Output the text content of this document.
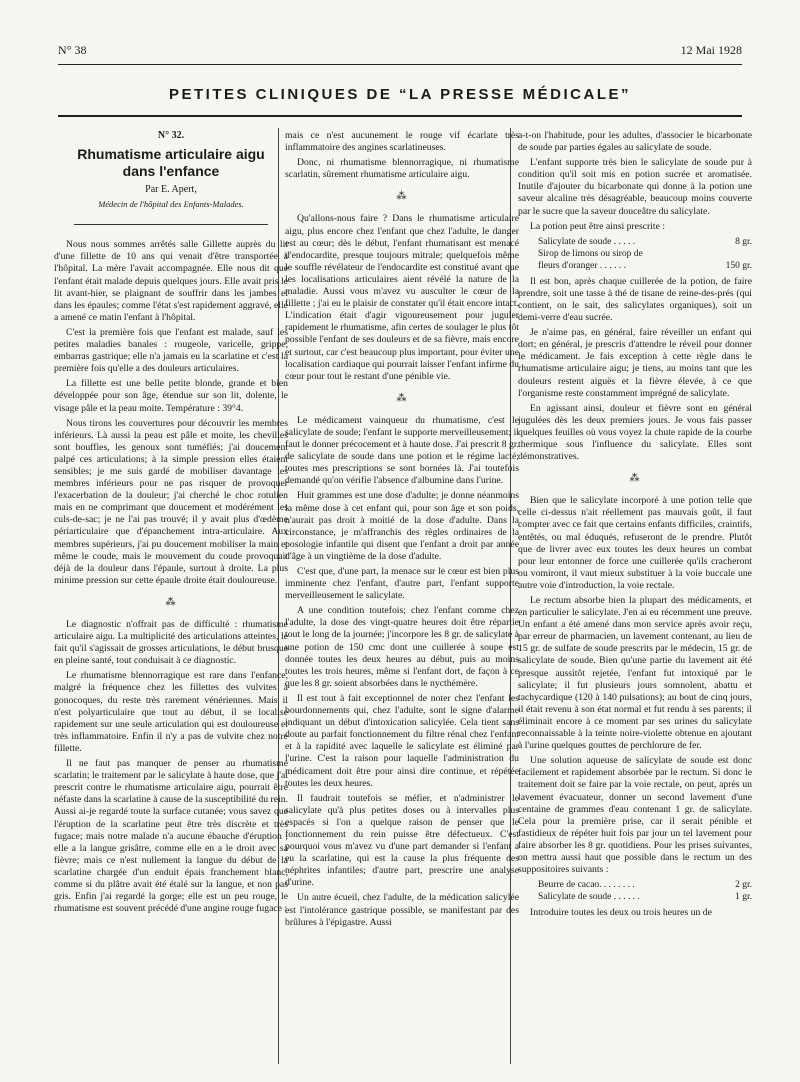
N° 38	12 Mai 1928
PETITES CLINIQUES DE “LA PRESSE MÉDICALE”
N° 32.
Rhumatisme articulaire aigu
dans l'enfance
Par E. Apert,
Médecin de l'hôpital des Enfants-Malades.

Nous nous sommes arrêtés salle Gillette auprès du lit d'une fillette de 10 ans qui venait d'être transportée à l'hôpital. La mère l'avait accompagnée. Elle nous dit que l'enfant était malade depuis quelques jours. Elle avait pris le lit avant-hier, se plaignant de souffrir dans les jambes et dans les épaules; comme l'état s'est rapidement aggravé, elle a amené ce matin l'enfant à l'hôpital.

C'est la première fois que l'enfant est malade, sauf les petites maladies banales : rougeole, varicelle, grippe, embarras gastrique; elle n'a jamais eu la scarlatine et c'est la première fois qu'elle a des douleurs articulaires.

La fillette est une belle petite blonde, grande et bien développée pour son âge, étendue sur son lit, dolente, le visage pâle et la peau moite. Température : 39°4.

Nous tirons les couvertures pour découvrir les membres inférieurs. Là aussi la peau est pâle et moite, les chevilles sont bouffies, les genoux sont tuméfiés; j'ai doucement palpé ces articulations; à la simple pression elles étaient sensibles; je me suis gardé de mobiliser davantage les membres inférieurs pour ne pas risquer de provoquer l'exacerbation de la douleur; j'ai cherché le choc rotulien mais en ne comprimant que doucement et modérément les culs-de-sac; je ne l'ai pas trouvé; il y avait plus d'œdème périarticulaire que d'épanchement intra-articulaire. Aux membres supérieurs, j'ai pu doucement mobiliser la main et même le coude, mais le mouvement du coude provoquait déjà de la douleur dans l'épaule, surtout à droite. La plus minime pression sur cette épaule droite était douloureuse.

⁂

Le diagnostic n'offrait pas de difficulté : rhumatisme articulaire aigu. La multiplicité des articulations atteintes, le fait qu'il s'agissait de grosses articulations, le début brusque en pleine santé, tout conduisait à ce diagnostic.

Le rhumatisme blennorragique est rare dans l'enfance, malgré la fréquence chez les fillettes des vulvites à gonocoques, du reste très rarement vénériennes. Mais il n'est polyarticulaire que tout au début, il se localise rapidement sur une seule articulation qui est douloureuse et très inflammatoire. Enfin il n'y a pas de vulvite chez notre fillette.

Il ne faut pas manquer de penser au rhumatisme scarlatin; le traitement par le salicylate à haute dose, que j'ai prescrit contre le rhumatisme articulaire aigu, pourrait être néfaste dans la scarlatine à cause de la susceptibilité du rein. Aussi ai-je regardé toute la surface cutanée; vous savez que l'éruption de la scarlatine peut être très discrète et très fugace; mais notre malade n'a aucune ébauche d'éruption ; elle a la langue grisâtre, comme elle en a le droit avec sa fièvre; mais ce n'est nullement la langue du début de la scarlatine chargée d'un enduit épais franchement blanc, comme si du plâtre avait été étalé sur la langue, et non pas gris. Enfin j'ai regardé la gorge; elle est un peu rouge, le rhumatisme est souvent précédé d'une angine rouge fugace ;

mais ce n'est aucunement le rouge vif écarlate très inflammatoire des angines scarlatineuses.

Donc, ni rhumatisme blennorragique, ni rhumatisme scarlatin, sûrement rhumatisme articulaire aigu.

⁂

Qu'allons-nous faire ? Dans le rhumatisme articulaire aigu, plus encore chez l'enfant que chez l'adulte, le danger est au cœur; dès le début, l'enfant rhumatisant est menacé d'endocardite, presque toujours mitrale; quelquefois même le souffle révélateur de l'endocardite est constitué avant que les localisations articulaires aient révélé la nature de la maladie. Aussi vous m'avez vu ausculter le cœur de la fillette ; j'ai eu le plaisir de constater qu'il était encore intact. L'indication était d'agir vigoureusement pour juguler rapidement le rhumatisme, afin certes de soulager le plus tôt possible l'enfant de ses douleurs et de sa fièvre, mais encore et surtout, car c'est beaucoup plus important, pour éviter une localisation cardiaque qui pourrait laisser l'enfant infirme du cœur pour tout le restant d'une pénible vie.

⁂

Le médicament vainqueur du rhumatisme, c'est le salicylate de soude; l'enfant le supporte merveilleusement; il faut le donner précocement et à haute dose. J'ai prescrit 8 gr. de salicylate de soude dans une potion et le régime lacté; toutes mes prescriptions se sont bornées là. J'ai toutefois demandé qu'on vérifie l'absence d'albumine dans l'urine.

Huit grammes est une dose d'adulte; je donne néanmoins la même dose à cet enfant qui, pour son âge et son poids, n'aurait pas droit à moitié de la dose d'adulte. Dans la circonstance, je m'affranchis des règles ordinaires de la posologie infantile qui disent que l'enfant a droit par année d'âge à un vingtième de la dose d'adulte.

C'est que, d'une part, la menace sur le cœur est bien plus imminente chez l'enfant, d'autre part, l'enfant supporte merveilleusement le salicylate.

A une condition toutefois; chez l'enfant comme chez l'adulte, la dose des vingt-quatre heures doit être répartie tout le long de la journée; j'incorpore les 8 gr. de salicylate à une potion de 150 cmc dont une cuillerée à soupe est donnée toutes les deux heures au début, puis au moins toutes les trois heures, même si l'enfant dort, de façon à ce que les 8 gr. soient absorbées dans le nycthémère.

Il est tout à fait exceptionnel de noter chez l'enfant les bourdonnements qui, chez l'adulte, sont le signe d'alarme indiquant un début d'intoxication salicylée. Cela tient sans doute au parfait fonctionnement du filtre rénal chez l'enfant et à la rapidité avec laquelle le salicylate est éliminé par l'urine. C'est la raison pour laquelle l'administration du médicament doit être pour ainsi dire continue, et répétée toutes les deux heures.

Il faudrait toutefois se méfier, et n'administrer le salicylate qu'à plus petites doses ou à intervalles plus espacés si l'on a quelque raison de penser que le fonctionnement du rein puisse être défectueux. C'est pourquoi vous m'avez vu d'une part demander si l'enfant a eu la scarlatine, qui est la cause la plus fréquente des néphrites infantiles; d'autre part, prescrire une analyse d'urine.

Un autre écueil, chez l'adulte, de la médication salicylée est l'intolérance gastrique possible, se manifestant par des brûlures à l'épigastre. Aussi

a-t-on l'habitude, pour les adultes, d'associer le bicarbonate de soude par parties égales au salicylate de soude.

L'enfant supporte très bien le salicylate de soude pur à condition qu'il soit mis en potion sucrée et aromatisée. Inutile d'ajouter du bicarbonate qui donne à la potion une saveur alcaline très désagréable, beaucoup moins couverte par le sucre que la saveur douceâtre du salicylate.

La potion peut être ainsi prescrite :

Salicylate de soude . . . . .	8 gr.
Sirop de limons ou sirop de
fleurs d'oranger . . . . . .	150 gr.

Il est bon, après chaque cuillerée de la potion, de faire prendre, soit une tasse à thé de tisane de reine-des-prés (qui contient, on le sait, des salicylates organiques), soit un demi-verre d'eau sucrée.

Je n'aime pas, en général, faire réveiller un enfant qui dort; en général, je prescris d'attendre le réveil pour donner le médicament. Je fais exception à cette règle dans le rhumatisme articulaire aigu; je tiens, au moins tant que les douleurs restent aiguës et la fièvre élevée, à ce que l'organisme reste constamment imprégné de salicylate.

En agissant ainsi, douleur et fièvre sont en général jugulées dès les deux premiers jours. Je vous fais passer quelques feuilles où vous voyez la chute rapide de la courbe thermique sous l'influence du salicylate. Elles sont démonstratives.

⁂

Bien que le salicylate incorporé à une potion telle que celle ci-dessus n'ait réellement pas mauvais goût, il faut compter avec ce fait que certains enfants difficiles, craintifs, entêtés, ou mal éduqués, refuseront de le prendre. Plutôt que de livrer avec eux toutes les deux heures un combat pour leur entonner de force une cuillerée qu'ils cracheront ou vomiront, il vaut mieux substituer à la voie buccale une autre voie d'introduction, la voie rectale.

Le rectum absorbe bien la plupart des médicaments, et en particulier le salicylate. J'en ai eu récemment une preuve. Un enfant a été amené dans mon service après avoir reçu, par erreur de pharmacien, un lavement contenant, au lieu de 15 gr. de sulfate de soude prescrits par le médecin, 15 gr. de salicylate de soude. Bien qu'une partie du lavement ait été presque aussitôt rejetée, l'enfant fut intoxiqué par le salicylate; il fut plusieurs jours somnolent, abattu et tachycardique (120 à 140 pulsations); au bout de cinq jours, il était revenu à son état normal et fut rendu à ses parents; il éliminait encore à ce moment par ses urines du salicylate reconnaissable à la teinte noire-violette obtenue en ajoutant à l'urine quelques gouttes de perchlorure de fer.

Une solution aqueuse de salicylate de soude est donc facilement et rapidement absorbée par le rectum. Si donc le traitement doit se faire par la voie rectale, on peut, après un lavement évacuateur, donner un second lavement d'une centaine de grammes d'eau contenant 1 gr. de salicylate. Cela pour la première prise, car il serait pénible et fastidieux de répéter huit fois par jour un tel lavement pour faire absorber les 8 gr. quotidiens. Pour les prises suivantes, on mettra aussi haut que possible dans le rectum un des suppositoires suivants :

Beurre de cacao. . . . . . . .	2 gr.
Salicylate de soude . . . . . .	1 gr.

Introduire toutes les deux ou trois heures un de
